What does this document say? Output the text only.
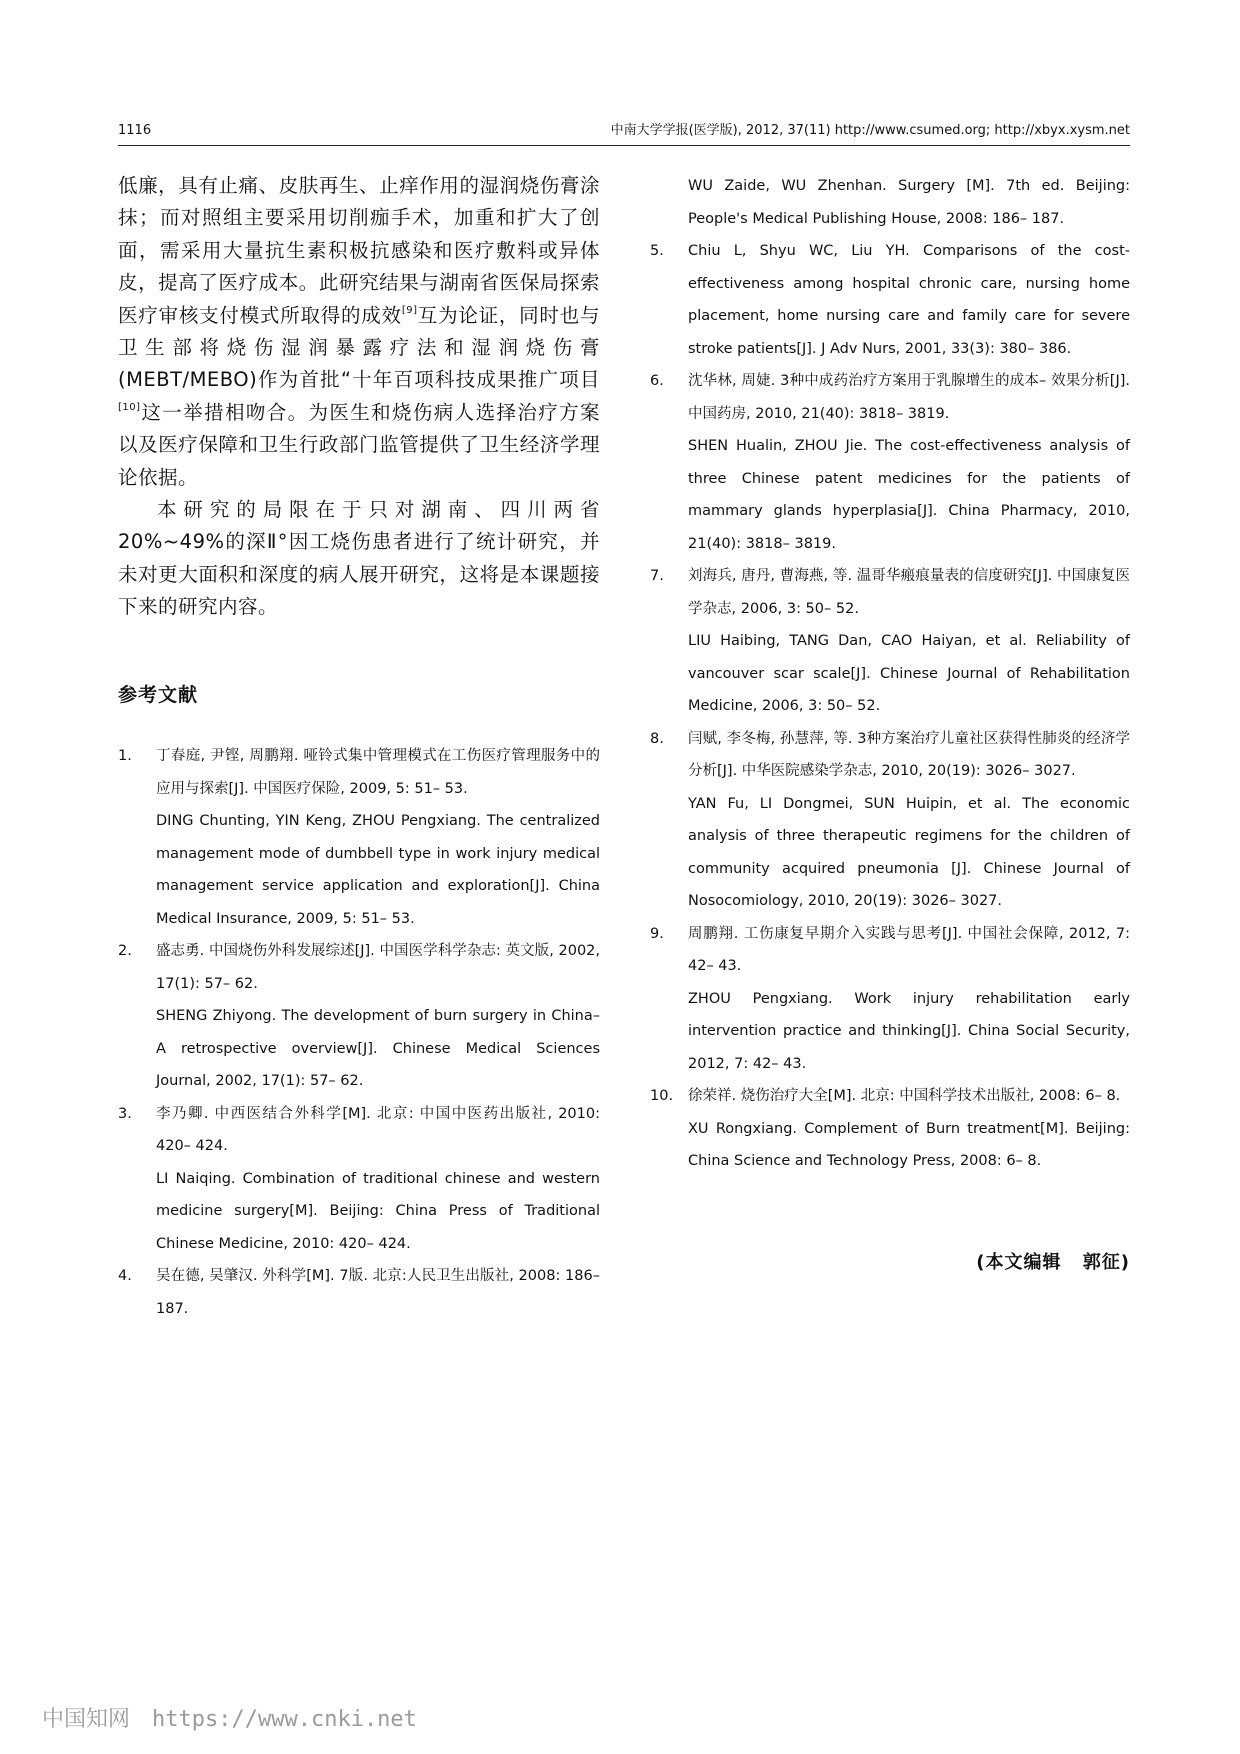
1116	中南大学学报(医学版), 2012, 37(11) http://www.csumed.org; http://xbyx.xysm.net

低廉，具有止痛、皮肤再生、止痒作用的湿润烧伤膏涂抹；而对照组主要采用切削痂手术，加重和扩大了创面，需采用大量抗生素积极抗感染和医疗敷料或异体皮，提高了医疗成本。此研究结果与湖南省医保局探索医疗审核支付模式所取得的成效[9]互为论证，同时也与卫生部将烧伤湿润暴露疗法和湿润烧伤膏(MEBT/MEBO)作为首批“十年百项科技成果推广项目[10]这一举措相吻合。为医生和烧伤病人选择治疗方案以及医疗保障和卫生行政部门监管提供了卫生经济学理论依据。

本研究的局限在于只对湖南、四川两省20%~49%的深Ⅱ°因工烧伤患者进行了统计研究，并未对更大面积和深度的病人展开研究，这将是本课题接下来的研究内容。

参考文献
1.	丁春庭, 尹铿, 周鹏翔. 哑铃式集中管理模式在工伤医疗管理服务中的应用与探索[J]. 中国医疗保险, 2009, 5: 51– 53.
DING Chunting, YIN Keng, ZHOU Pengxiang. The centralized management mode of dumbbell type in work injury medical management service application and exploration[J]. China Medical Insurance, 2009, 5: 51– 53.
2.	盛志勇. 中国烧伤外科发展综述[J]. 中国医学科学杂志: 英文版, 2002, 17(1): 57– 62.
SHENG Zhiyong. The development of burn surgery in China– A retrospective overview[J]. Chinese Medical Sciences Journal, 2002, 17(1): 57– 62.
3.	李乃卿. 中西医结合外科学[M]. 北京: 中国中医药出版社, 2010: 420– 424.
LI Naiqing. Combination of traditional chinese and western medicine surgery[M]. Beijing: China Press of Traditional Chinese Medicine, 2010: 420– 424.
4.	吴在德, 吴肇汉. 外科学[M]. 7版. 北京:人民卫生出版社, 2008: 186– 187.
WU Zaide, WU Zhenhan. Surgery [M]. 7th ed. Beijing: People's Medical Publishing House, 2008: 186– 187.
5.	Chiu L, Shyu WC, Liu YH. Comparisons of the cost-effectiveness among hospital chronic care, nursing home placement, home nursing care and family care for severe stroke patients[J]. J Adv Nurs, 2001, 33(3): 380– 386.
6.	沈华林, 周婕. 3种中成药治疗方案用于乳腺增生的成本– 效果分析[J]. 中国药房, 2010, 21(40): 3818– 3819.
SHEN Hualin, ZHOU Jie. The cost-effectiveness analysis of three Chinese patent medicines for the patients of mammary glands hyperplasia[J]. China Pharmacy, 2010, 21(40): 3818– 3819.
7.	刘海兵, 唐丹, 曹海燕, 等. 温哥华瘢痕量表的信度研究[J]. 中国康复医学杂志, 2006, 3: 50– 52.
LIU Haibing, TANG Dan, CAO Haiyan, et al. Reliability of vancouver scar scale[J]. Chinese Journal of Rehabilitation Medicine, 2006, 3: 50– 52.
8.	闫赋, 李冬梅, 孙慧萍, 等. 3种方案治疗儿童社区获得性肺炎的经济学分析[J]. 中华医院感染学杂志, 2010, 20(19): 3026– 3027.
YAN Fu, LI Dongmei, SUN Huipin, et al. The economic analysis of three therapeutic regimens for the children of community acquired pneumonia [J]. Chinese Journal of Nosocomiology, 2010, 20(19): 3026– 3027.
9.	周鹏翔. 工伤康复早期介入实践与思考[J]. 中国社会保障, 2012, 7: 42– 43.
ZHOU Pengxiang. Work injury rehabilitation early intervention practice and thinking[J]. China Social Security, 2012, 7: 42– 43.
10.	徐荣祥. 烧伤治疗大全[M]. 北京: 中国科学技术出版社, 2008: 6– 8.
XU Rongxiang. Complement of Burn treatment[M]. Beijing: China Science and Technology Press, 2008: 6– 8.
(本文编辑 郭征)
中国知网 https://www.cnki.net
